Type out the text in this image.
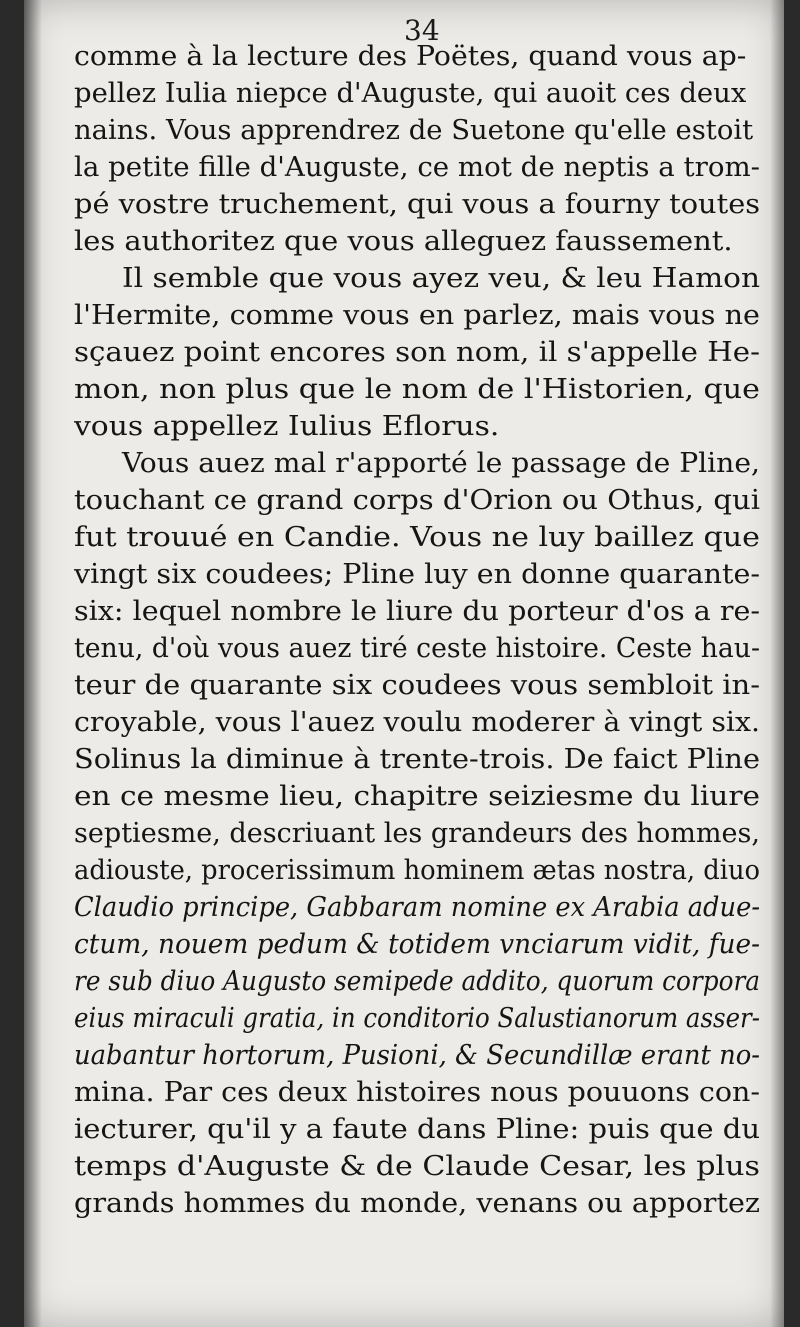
34
comme à la lecture des Poëtes, quand vous ap-
pellez Iulia niepce d'Auguste, qui auoit ces deux
nains. Vous apprendrez de Suetone qu'elle estoit
la petite fille d'Auguste, ce mot de neptis a trom-
pé vostre truchement, qui vous a fourny toutes
les authoritez que vous alleguez faussement.
Il semble que vous ayez veu, & leu Hamon
l'Hermite, comme vous en parlez, mais vous ne
sçauez point encores son nom, il s'appelle He-
mon, non plus que le nom de l'Historien, que
vous appellez Iulius Eflorus.
Vous auez mal r'apporté le passage de Pline,
touchant ce grand corps d'Orion ou Othus, qui
fut trouué en Candie. Vous ne luy baillez que
vingt six coudees; Pline luy en donne quarante-
six: lequel nombre le liure du porteur d'os a re-
tenu, d'où vous auez tiré ceste histoire. Ceste hau-
teur de quarante six coudees vous sembloit in-
croyable, vous l'auez voulu moderer à vingt six.
Solinus la diminue à trente-trois. De faict Pline
en ce mesme lieu, chapitre seiziesme du liure
septiesme, descriuant les grandeurs des hommes,
adiouste, procerissimum hominem ætas nostra, diuo
Claudio principe, Gabbaram nomine ex Arabia adue-
ctum, nouem pedum & totidem vnciarum vidit, fue-
re sub diuo Augusto semipede addito, quorum corpora
eius miraculi gratia, in conditorio Salustianorum asser-
uabantur hortorum, Pusioni, & Secundillæ erant no-
mina. Par ces deux histoires nous pouuons con-
iecturer, qu'il y a faute dans Pline: puis que du
temps d'Auguste & de Claude Cesar, les plus
grands hommes du monde, venans ou apportez
